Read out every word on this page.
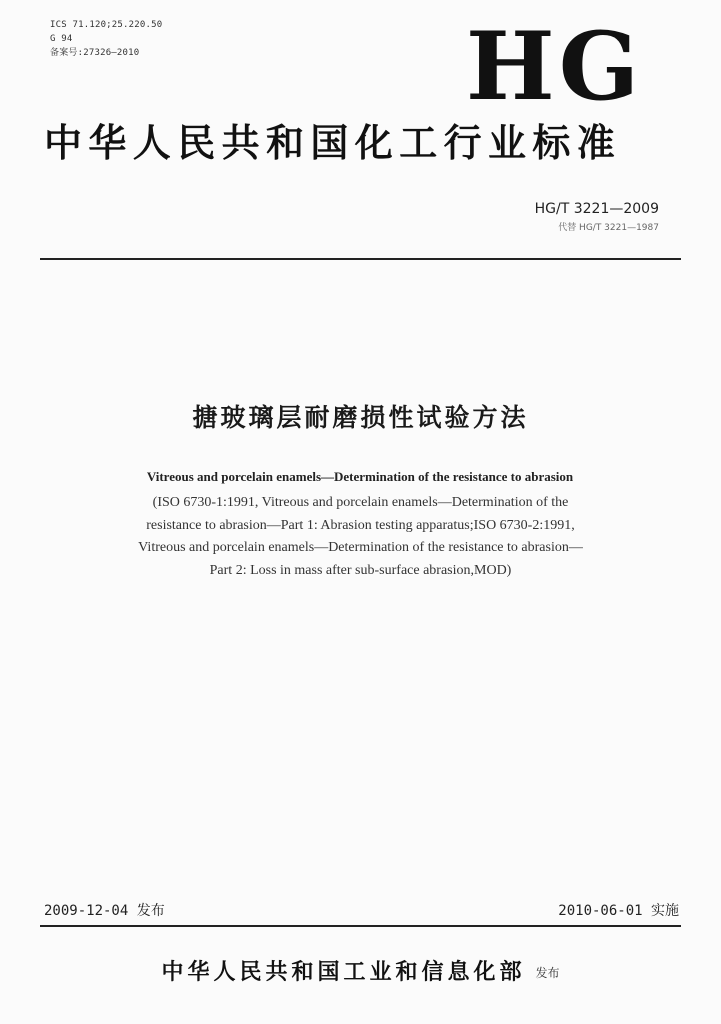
ICS 71.120;25.220.50
G 94
备案号:27326—2010	HG
中华人民共和国化工行业标准
HG/T 3221—2009
代替 HG/T 3221—1987
搪玻璃层耐磨损性试验方法
Vitreous and porcelain enamels—Determination of the resistance to abrasion
(ISO 6730-1:1991, Vitreous and porcelain enamels—Determination of the
resistance to abrasion—Part 1: Abrasion testing apparatus;ISO 6730-2:1991,
Vitreous and porcelain enamels—Determination of the resistance to abrasion—
Part 2: Loss in mass after sub-surface abrasion,MOD)
2009-12-04 发布	2010-06-01 实施
中华人民共和国工业和信息化部 发布
